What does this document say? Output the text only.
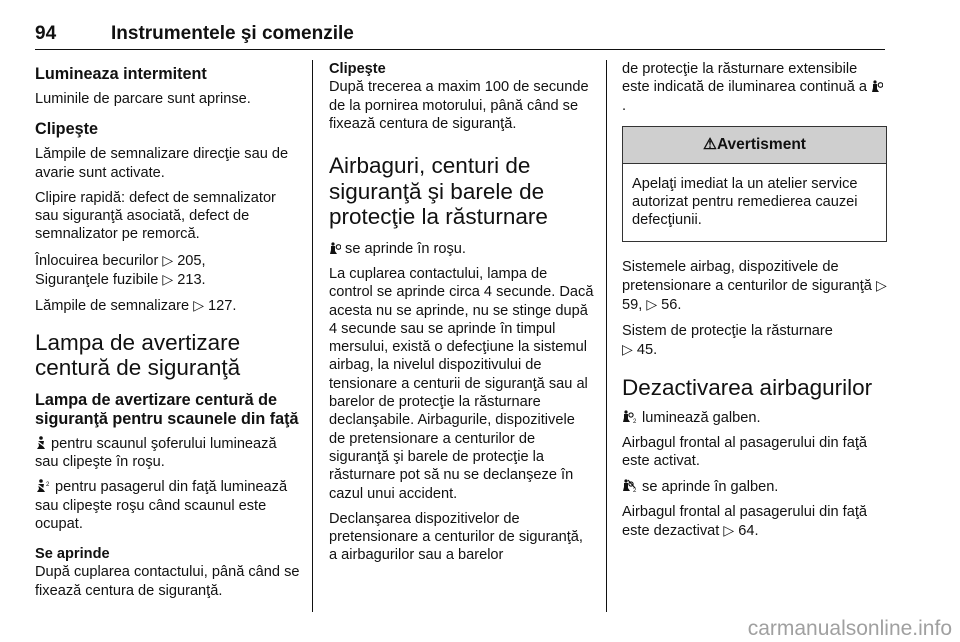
94	Instrumentele şi comenzile
Lumineaza intermitent

Luminile de parcare sunt aprinse.

Clipeşte

Lămpile de semnalizare direcţie sau de avarie sunt activate.

Clipire rapidă: defect de semnalizator sau siguranţă asociată, defect de semnalizator pe remorcă.

Înlocuirea becurilor ▷ 205,
Siguranţele fuzibile ▷ 213.

Lămpile de semnalizare ▷ 127.

Lampa de avertizare centură de siguranţă
Lampa de avertizare centură de siguranţă pentru scaunele din faţă

pentru scaunul şoferului luminează sau clipeşte în roşu.

2 pentru pasagerul din faţă luminează sau clipeşte roşu când scaunul este ocupat.

Se aprinde

După cuplarea contactului, până când se fixează centura de siguranţă.

Clipeşte

După trecerea a maxim 100 de secunde de la pornirea motorului, până când se fixează centura de siguranţă.

Airbaguri, centuri de siguranţă şi barele de protecţie la răsturnare

se aprinde în roşu.

La cuplarea contactului, lampa de control se aprinde circa 4 secunde. Dacă acesta nu se aprinde, nu se stinge după 4 secunde sau se aprinde în timpul mersului, există o defecţiune la sistemul airbag, la nivelul dispozitivului de tensionare a centurii de siguranţă sau al barelor de protecţie la răsturnare declanşabile. Airbagurile, dispozitivele de pretensionare a centurilor de siguranţă şi barele de protecţie la răsturnare pot să nu se declanşeze în cazul unui accident.

Declanşarea dispozitivelor de pretensionare a centurilor de siguranţă, a airbagurilor sau a barelor

de protecţie la răsturnare extensibile este indicată de iluminarea continuă a .

⚠Avertisment
Apelaţi imediat la un atelier service autorizat pentru remedierea cauzei defecţiunii.

Sistemele airbag, dispozitivele de pretensionare a centurilor de siguranţă ▷ 59, ▷ 56.

Sistem de protecţie la răsturnare
▷ 45.

Dezactivarea airbagurilor

2 luminează galben.

Airbagul frontal al pasagerului din faţă este activat.

2 se aprinde în galben.

Airbagul frontal al pasagerului din faţă este dezactivat ▷ 64.

carmanualsonline.info
